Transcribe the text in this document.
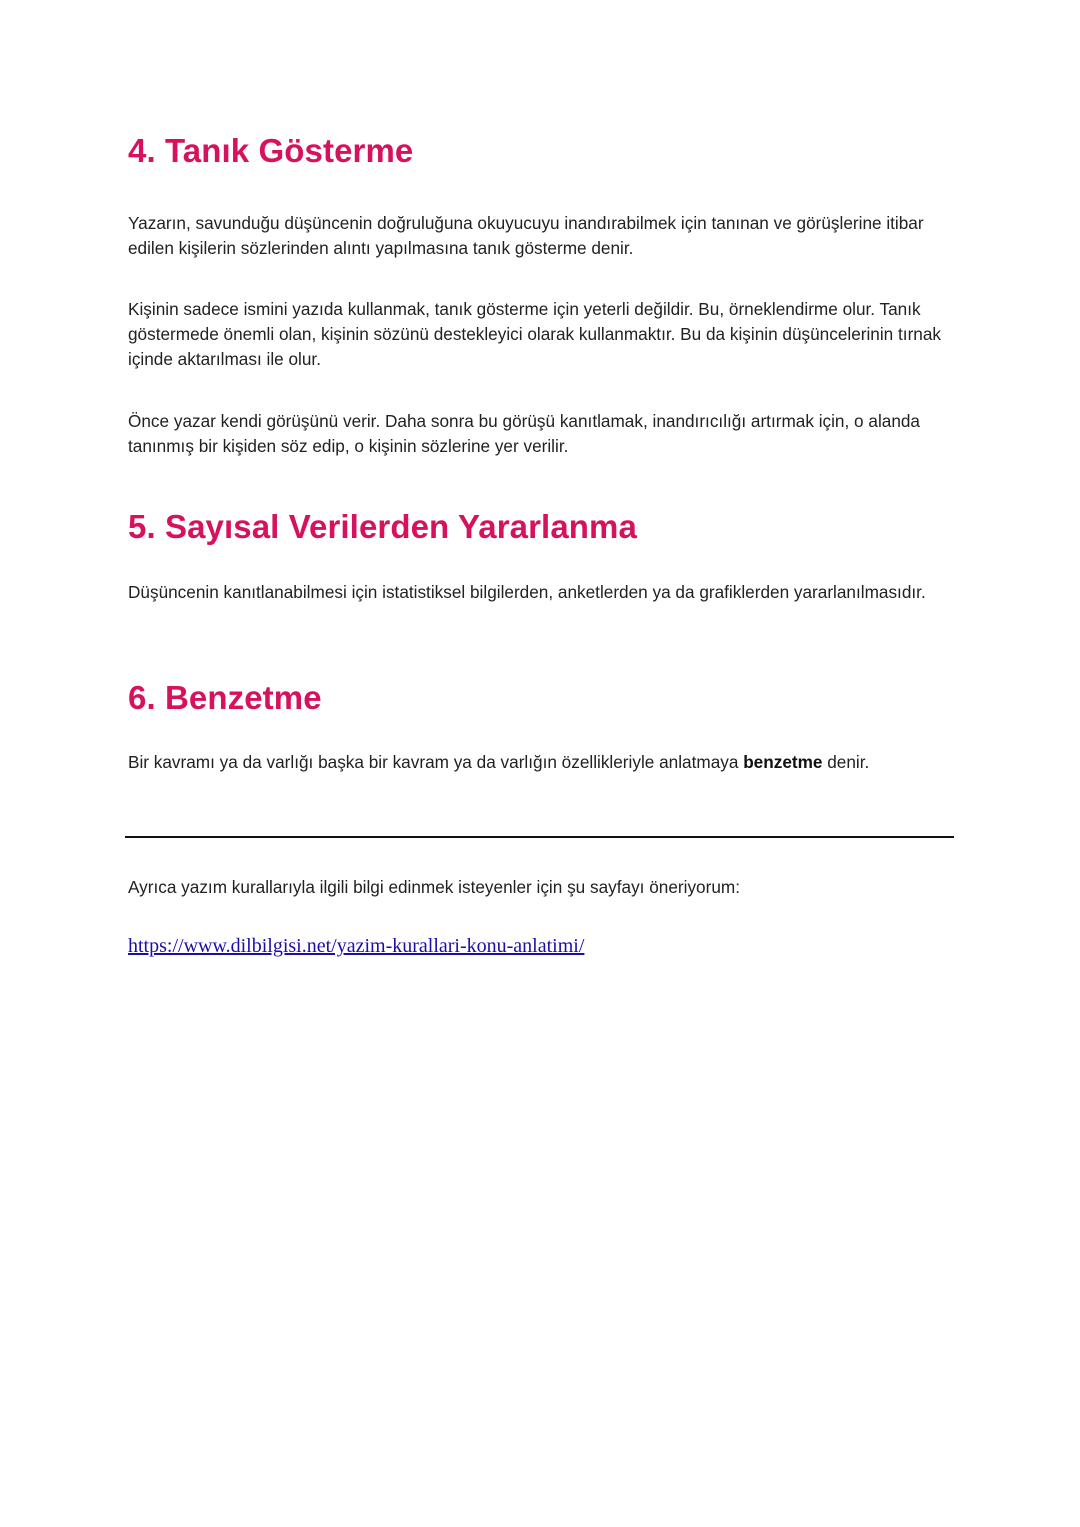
4. Tanık Gösterme

Yazarın, savunduğu düşüncenin doğruluğuna okuyucuyu inandırabilmek için tanınan ve görüşlerine itibar edilen kişilerin sözlerinden alıntı yapılmasına tanık gösterme denir.

Kişinin sadece ismini yazıda kullanmak, tanık gösterme için yeterli değildir. Bu, örneklendirme olur. Tanık göstermede önemli olan, kişinin sözünü destekleyici olarak kullanmaktır. Bu da kişinin düşüncelerinin tırnak içinde aktarılması ile olur.

Önce yazar kendi görüşünü verir. Daha sonra bu görüşü kanıtlamak, inandırıcılığı artırmak için, o alanda tanınmış bir kişiden söz edip, o kişinin sözlerine yer verilir.

5. Sayısal Verilerden Yararlanma

Düşüncenin kanıtlanabilmesi için istatistiksel bilgilerden, anketlerden ya da grafiklerden yararlanılmasıdır.

6. Benzetme

Bir kavramı ya da varlığı başka bir kavram ya da varlığın özellikleriyle anlatmaya benzetme denir.

Ayrıca yazım kurallarıyla ilgili bilgi edinmek isteyenler için şu sayfayı öneriyorum:

https://www.dilbilgisi.net/yazim-kurallari-konu-anlatimi/
